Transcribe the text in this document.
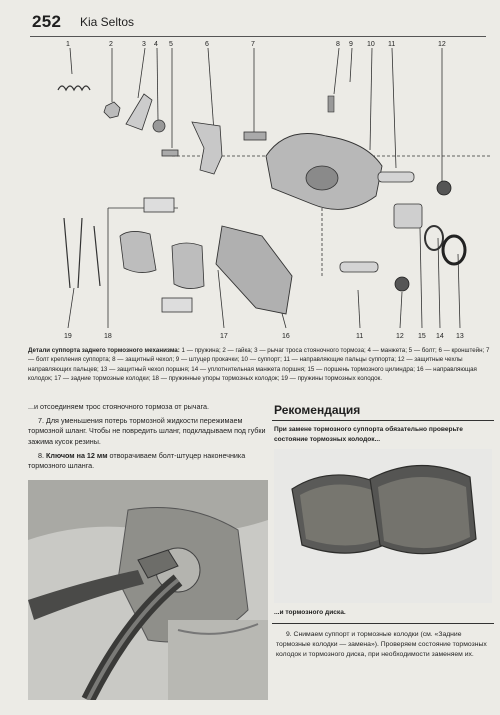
252 Kia Seltos
1	2	3 4 5	6	7	8 9 10 11	12
19	18	17	16	11	12 15 14 13
Детали суппорта заднего тормозного механизма: 1 — пружина; 2 — гайка; 3 — рычаг троса стояночного тормоза; 4 — манжета; 5 — болт; 6 — кронштейн; 7 — болт крепления суппорта; 8 — защитный чехол; 9 — штуцер прокачки; 10 — суппорт; 11 — направляющие пальцы суппорта; 12 — защитные чехлы направляющих пальцев; 13 — защитный чехол поршня; 14 — уплотнительная манжета поршня; 15 — поршень тормозного цилиндра; 16 — направляющая колодок; 17 — задние тормозные колодки; 18 — пружинные упоры тормозных колодок; 19 — пружины тормозных колодок.

...и отсоединяем трос стояночного тормоза от рычага.

7. Для уменьшения потерь тормозной жидкости пережимаем тормозной шланг. Чтобы не повредить шланг, подкладываем под губки зажима кусок резины.

8. Ключом на 12 мм отворачиваем болт-штуцер наконечника тормозного шланга.

Рекомендация
При замене тормозного суппорта обязательно проверьте состояние тормозных колодок...
...и тормозного диска.
9. Снимаем суппорт и тормозные колодки (см. «Задние тормозные колодки — замена»). Проверяем состояние тормозных колодок и тормозного диска, при необходимости заменяем их.
